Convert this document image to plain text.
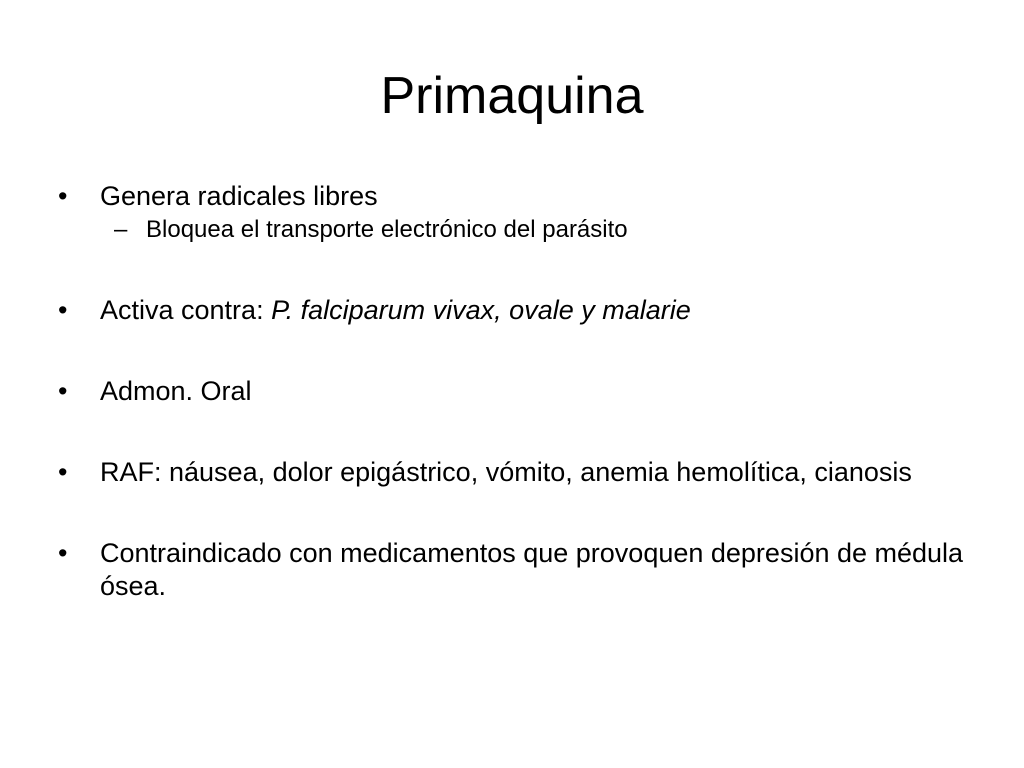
Primaquina
• Genera radicales libres
– Bloquea el transporte electrónico del parásito
• Activa contra: P. falciparum vivax, ovale y malarie
• Admon. Oral
• RAF: náusea, dolor epigástrico, vómito, anemia hemolítica, cianosis
• Contraindicado con medicamentos que provoquen depresión de médula ósea.
